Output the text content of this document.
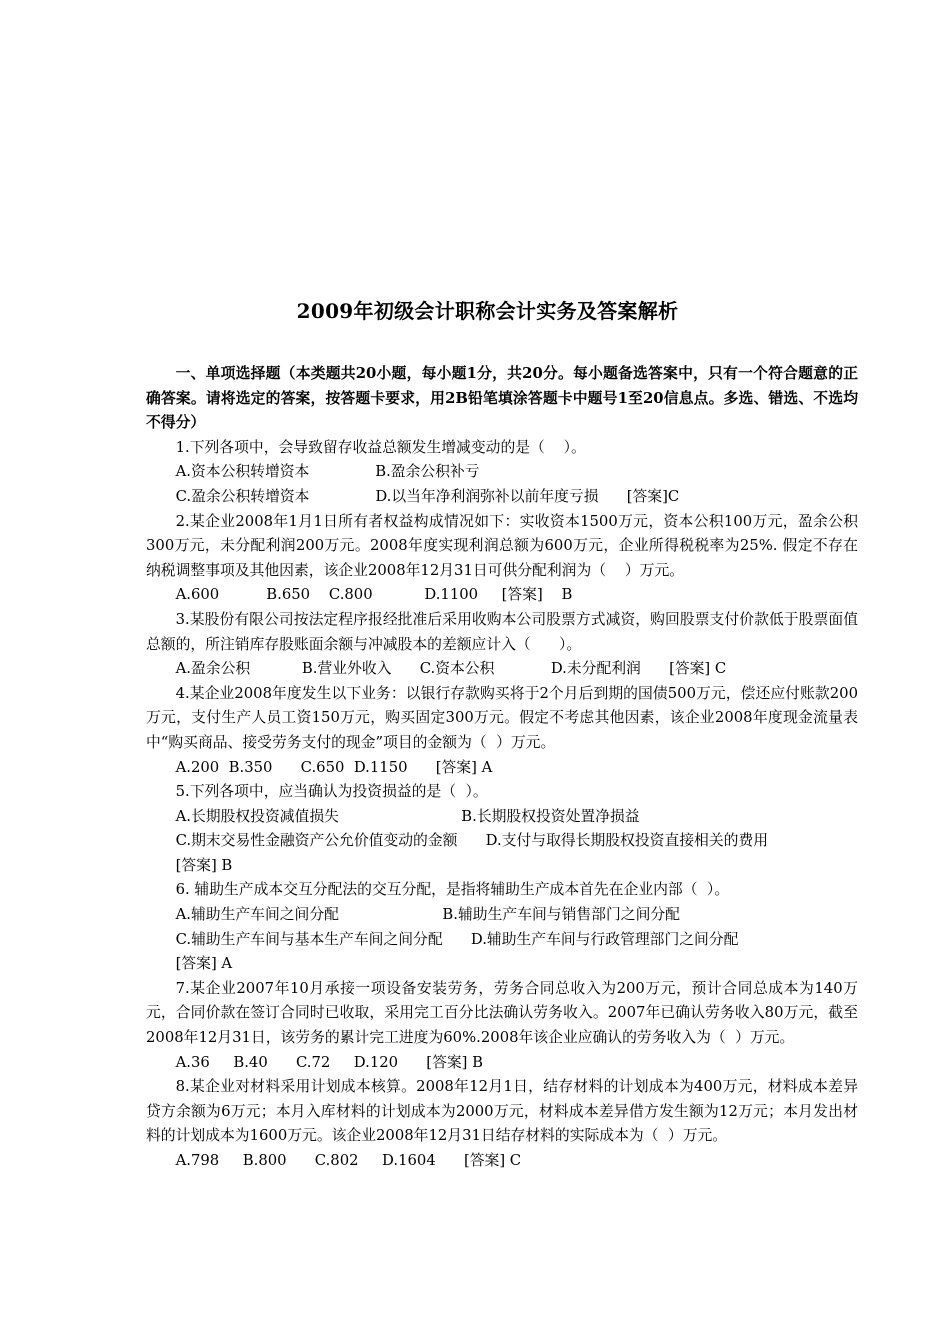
2009年初级会计职称会计实务及答案解析

一、单项选择题（本类题共20小题，每小题1分，共20分。每小题备选答案中，只有一个符合题意的正确答案。请将选定的答案，按答题卡要求，用2B铅笔填涂答题卡中题号1至20信息点。多选、错选、不选均不得分）

1.下列各项中，会导致留存收益总额发生增减变动的是（    ）。

A.资本公积转增资本              B.盈余公积补亏

C.盈余公积转增资本              D.以当年净利润弥补以前年度亏损      [答案]C

2.某企业2008年1月1日所有者权益构成情况如下：实收资本1500万元，资本公积100万元，盈余公积300万元，未分配利润200万元。2008年度实现利润总额为600万元，企业所得税税率为25%. 假定不存在纳税调整事项及其他因素，该企业2008年12月31日可供分配利润为（    ）万元。

A.600          B.650    C.800           D.1100     [答案]    B

3.某股份有限公司按法定程序报经批准后采用收购本公司股票方式减资，购回股票支付价款低于股票面值总额的，所注销库存股账面余额与冲减股本的差额应计入（      ）。

A.盈余公积           B.营业外收入      C.资本公积            D.未分配利润      [答案] C

4.某企业2008年度发生以下业务：以银行存款购买将于2个月后到期的国债500万元，偿还应付账款200万元，支付生产人员工资150万元，购买固定300万元。假定不考虑其他因素，该企业2008年度现金流量表中“购买商品、接受劳务支付的现金”项目的金额为（  ）万元。

A.200  B.350      C.650  D.1150      [答案] A

5.下列各项中，应当确认为投资损益的是（  ）。

A.长期股权投资减值损失                          B.长期股权投资处置净损益

C.期末交易性金融资产公允价值变动的金额      D.支付与取得长期股权投资直接相关的费用

[答案] B

6. 辅助生产成本交互分配法的交互分配，是指将辅助生产成本首先在企业内部（  ）。

A.辅助生产车间之间分配                      B.辅助生产车间与销售部门之间分配

C.辅助生产车间与基本生产车间之间分配      D.辅助生产车间与行政管理部门之间分配

[答案] A

7.某企业2007年10月承接一项设备安装劳务，劳务合同总收入为200万元，预计合同总成本为140万元，合同价款在签订合同时已收取，采用完工百分比法确认劳务收入。2007年已确认劳务收入80万元，截至2008年12月31日，该劳务的累计完工进度为60%.2008年该企业应确认的劳务收入为（  ）万元。

A.36     B.40      C.72     D.120      [答案] B

8.某企业对材料采用计划成本核算。2008年12月1日，结存材料的计划成本为400万元，材料成本差异贷方余额为6万元；本月入库材料的计划成本为2000万元，材料成本差异借方发生额为12万元；本月发出材料的计划成本为1600万元。该企业2008年12月31日结存材料的实际成本为（  ）万元。

A.798     B.800      C.802     D.1604      [答案] C
